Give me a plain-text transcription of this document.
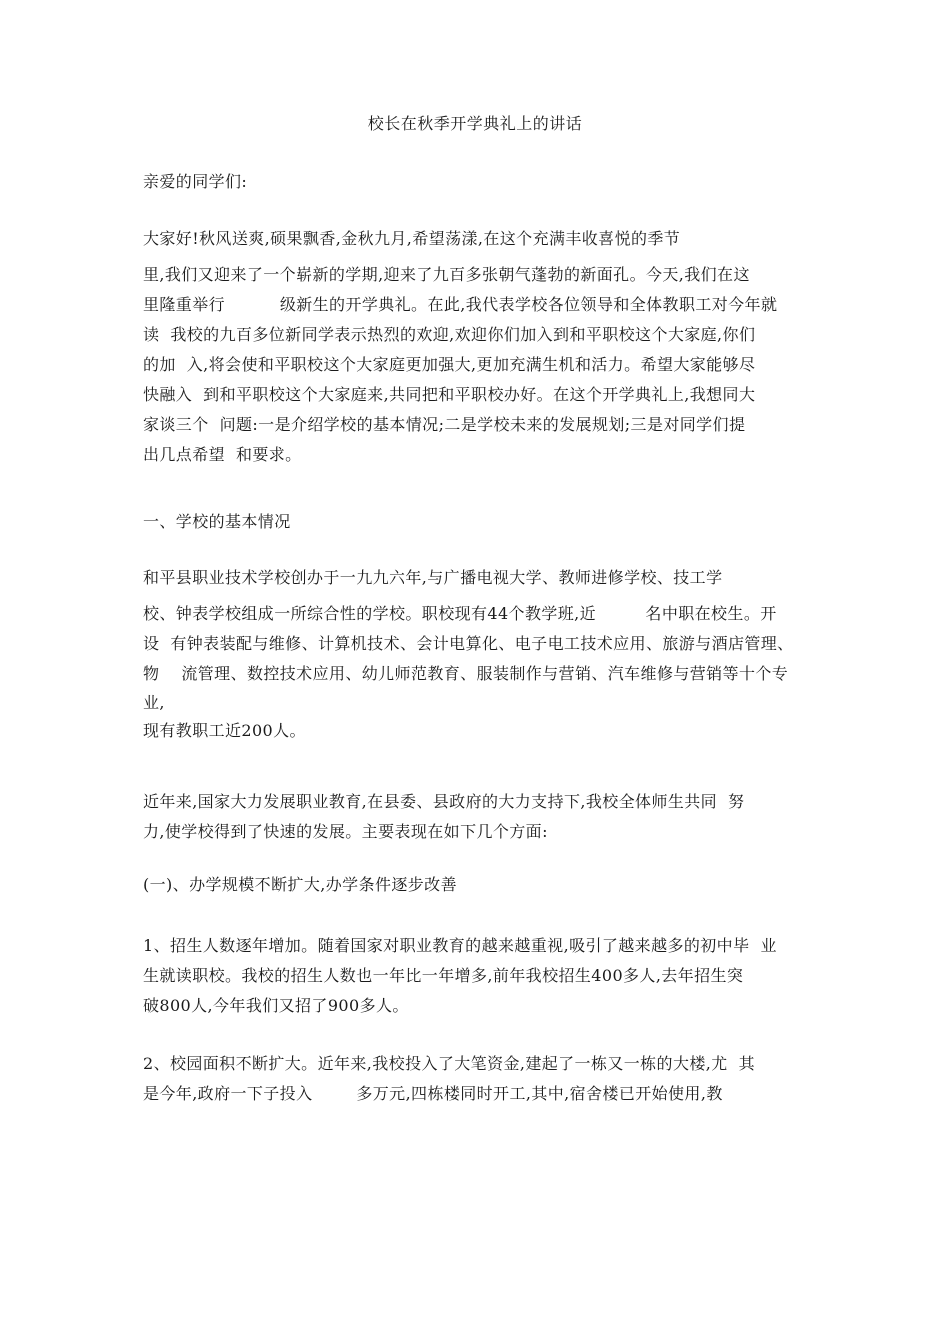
校长在秋季开学典礼上的讲话
亲爱的同学们:
大家好!秋风送爽,硕果飘香,金秋九月,希望荡漾,在这个充满丰收喜悦的季节
里,我们又迎来了一个崭新的学期,迎来了九百多张朝气蓬勃的新面孔。今天,我们在这
里隆重举行          级新生的开学典礼。在此,我代表学校各位领导和全体教职工对今年就
读  我校的九百多位新同学表示热烈的欢迎,欢迎你们加入到和平职校这个大家庭,你们
的加  入,将会使和平职校这个大家庭更加强大,更加充满生机和活力。希望大家能够尽
快融入  到和平职校这个大家庭来,共同把和平职校办好。在这个开学典礼上,我想同大
家谈三个  问题:一是介绍学校的基本情况;二是学校未来的发展规划;三是对同学们提
出几点希望  和要求。
一、学校的基本情况
和平县职业技术学校创办于一九九六年,与广播电视大学、教师进修学校、技工学
校、钟表学校组成一所综合性的学校。职校现有44个教学班,近         名中职在校生。开
设  有钟表装配与维修、计算机技术、会计电算化、电子电工技术应用、旅游与酒店管理、
物    流管理、数控技术应用、幼儿师范教育、服装制作与营销、汽车维修与营销等十个专
业,
现有教职工近200人。
近年来,国家大力发展职业教育,在县委、县政府的大力支持下,我校全体师生共同  努
力,使学校得到了快速的发展。主要表现在如下几个方面:
(一)、办学规模不断扩大,办学条件逐步改善
1、招生人数逐年增加。随着国家对职业教育的越来越重视,吸引了越来越多的初中毕  业
生就读职校。我校的招生人数也一年比一年增多,前年我校招生400多人,去年招生突
破800人,今年我们又招了900多人。
2、校园面积不断扩大。近年来,我校投入了大笔资金,建起了一栋又一栋的大楼,尤  其
是今年,政府一下子投入        多万元,四栋楼同时开工,其中,宿舍楼已开始使用,教
